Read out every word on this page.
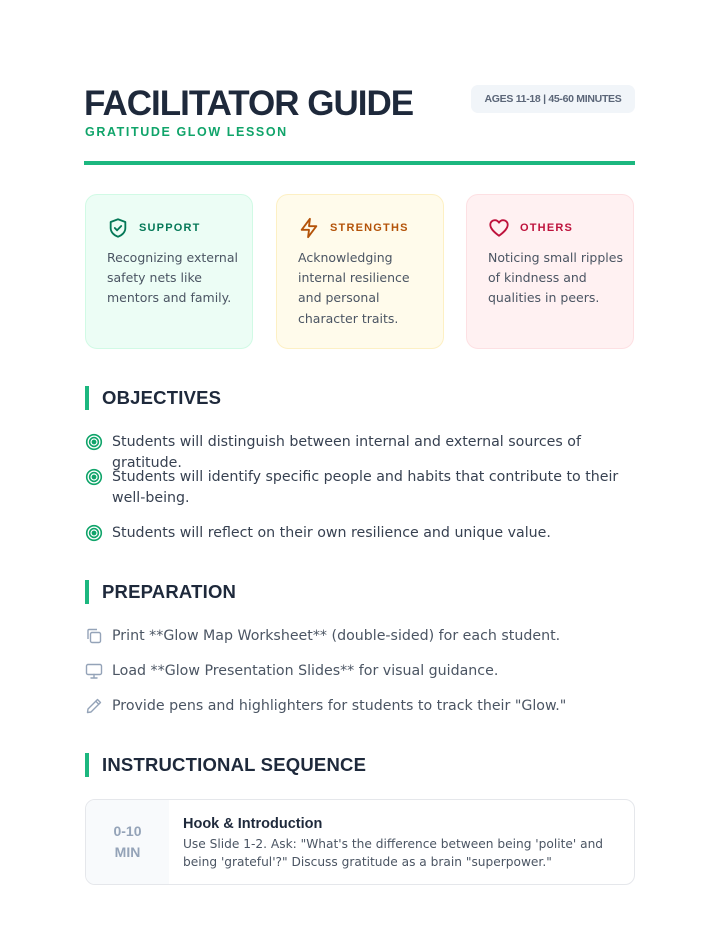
FACILITATOR GUIDE
GRATITUDE GLOW LESSON
AGES 11-18 | 45-60 MINUTES
SUPPORT
Recognizing external safety nets like mentors and family.
STRENGTHS
Acknowledging internal resilience and personal character traits.
OTHERS
Noticing small ripples of kindness and qualities in peers.
OBJECTIVES
Students will distinguish between internal and external sources of gratitude.
Students will identify specific people and habits that contribute to their well-being.
Students will reflect on their own resilience and unique value.
PREPARATION
Print **Glow Map Worksheet** (double-sided) for each student.
Load **Glow Presentation Slides** for visual guidance.
Provide pens and highlighters for students to track their "Glow."
INSTRUCTIONAL SEQUENCE
0-10
MIN
Hook & Introduction
Use Slide 1-2. Ask: "What's the difference between being 'polite' and being 'grateful'?" Discuss gratitude as a brain "superpower."
